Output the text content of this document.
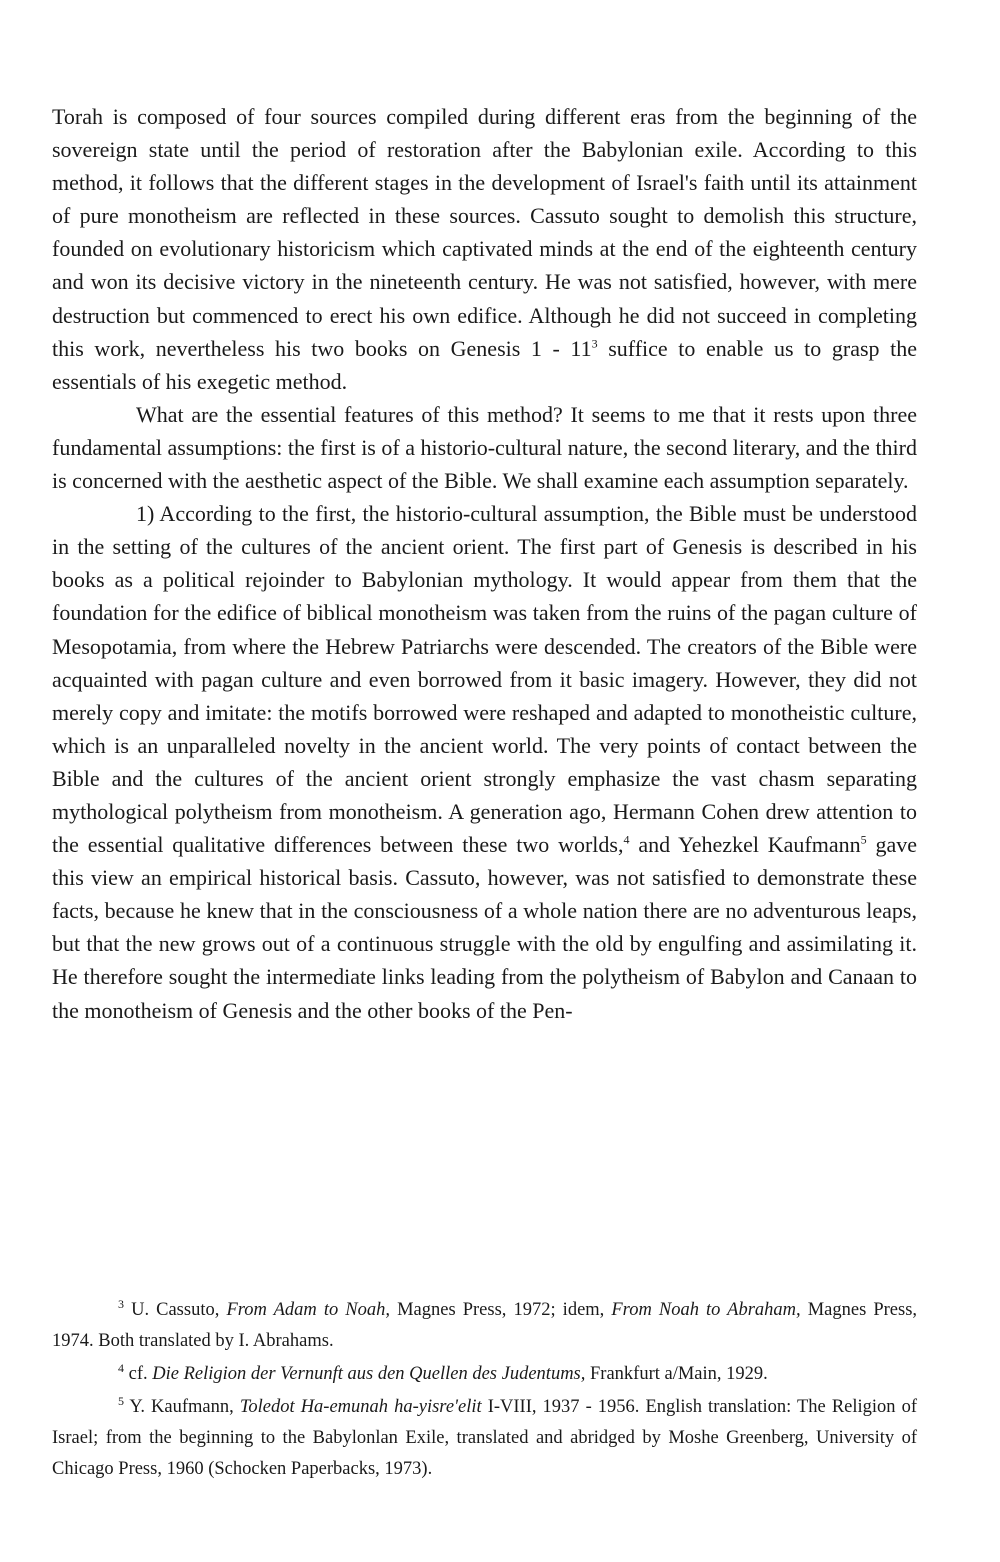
Torah is composed of four sources compiled during different eras from the beginning of the sovereign state until the period of restoration after the Babylonian exile. According to this method, it follows that the different stages in the development of Israel's faith until its attainment of pure monotheism are reflected in these sources. Cassuto sought to demolish this structure, founded on evolutionary historicism which captivated minds at the end of the eighteenth century and won its decisive victory in the nineteenth century. He was not satisfied, however, with mere destruction but commenced to erect his own edifice. Although he did not succeed in completing this work, nevertheless his two books on Genesis $1 - 11^3$ suffice to enable us to grasp the essentials of his exegetic method.

What are the essential features of this method? It seems to me that it rests upon three fundamental assumptions: the first is of a historio-cultural nature, the second literary, and the third is concerned with the aesthetic aspect of the Bible. We shall examine each assumption separately.

1) According to the first, the historio-cultural assumption, the Bible must be understood in the setting of the cultures of the ancient orient. The first part of Genesis is described in his books as a political rejoinder to Babylonian mythology. It would appear from them that the foundation for the edifice of biblical monotheism was taken from the ruins of the pagan culture of Mesopotamia, from where the Hebrew Patriarchs were descended. The creators of the Bible were acquainted with pagan culture and even borrowed from it basic imagery. However, they did not merely copy and imitate: the motifs borrowed were reshaped and adapted to monotheistic culture, which is an unparalleled novelty in the ancient world. The very points of contact between the Bible and the cultures of the ancient orient strongly emphasize the vast chasm separating mythological polytheism from monotheism. A generation ago, Hermann Cohen drew attention to the essential qualitative differences between these two worlds,$^4$ and Yehezkel Kaufmann$^5$ gave this view an empirical historical basis. Cassuto, however, was not satisfied to demonstrate these facts, because he knew that in the consciousness of a whole nation there are no adventurous leaps, but that the new grows out of a continuous struggle with the old by engulfing and assimilating it. He therefore sought the intermediate links leading from the polytheism of Babylon and Canaan to the monotheism of Genesis and the other books of the Pen-

$^3$ U. Cassuto, From Adam to Noah, Magnes Press, 1972; idem, From Noah to Abraham, Magnes Press, 1974. Both translated by I. Abrahams.

$^4$ cf. Die Religion der Vernunft aus den Quellen des Judentums, Frankfurt a/Main, 1929.

$^5$ Y. Kaufmann, Toledot Ha-emunah ha-yisre'elit I-VIII, 1937 - 1956. English translation: The Religion of Israel; from the beginning to the Babylonlan Exile, translated and abridged by Moshe Greenberg, University of Chicago Press, 1960 (Schocken Paperbacks, 1973).
